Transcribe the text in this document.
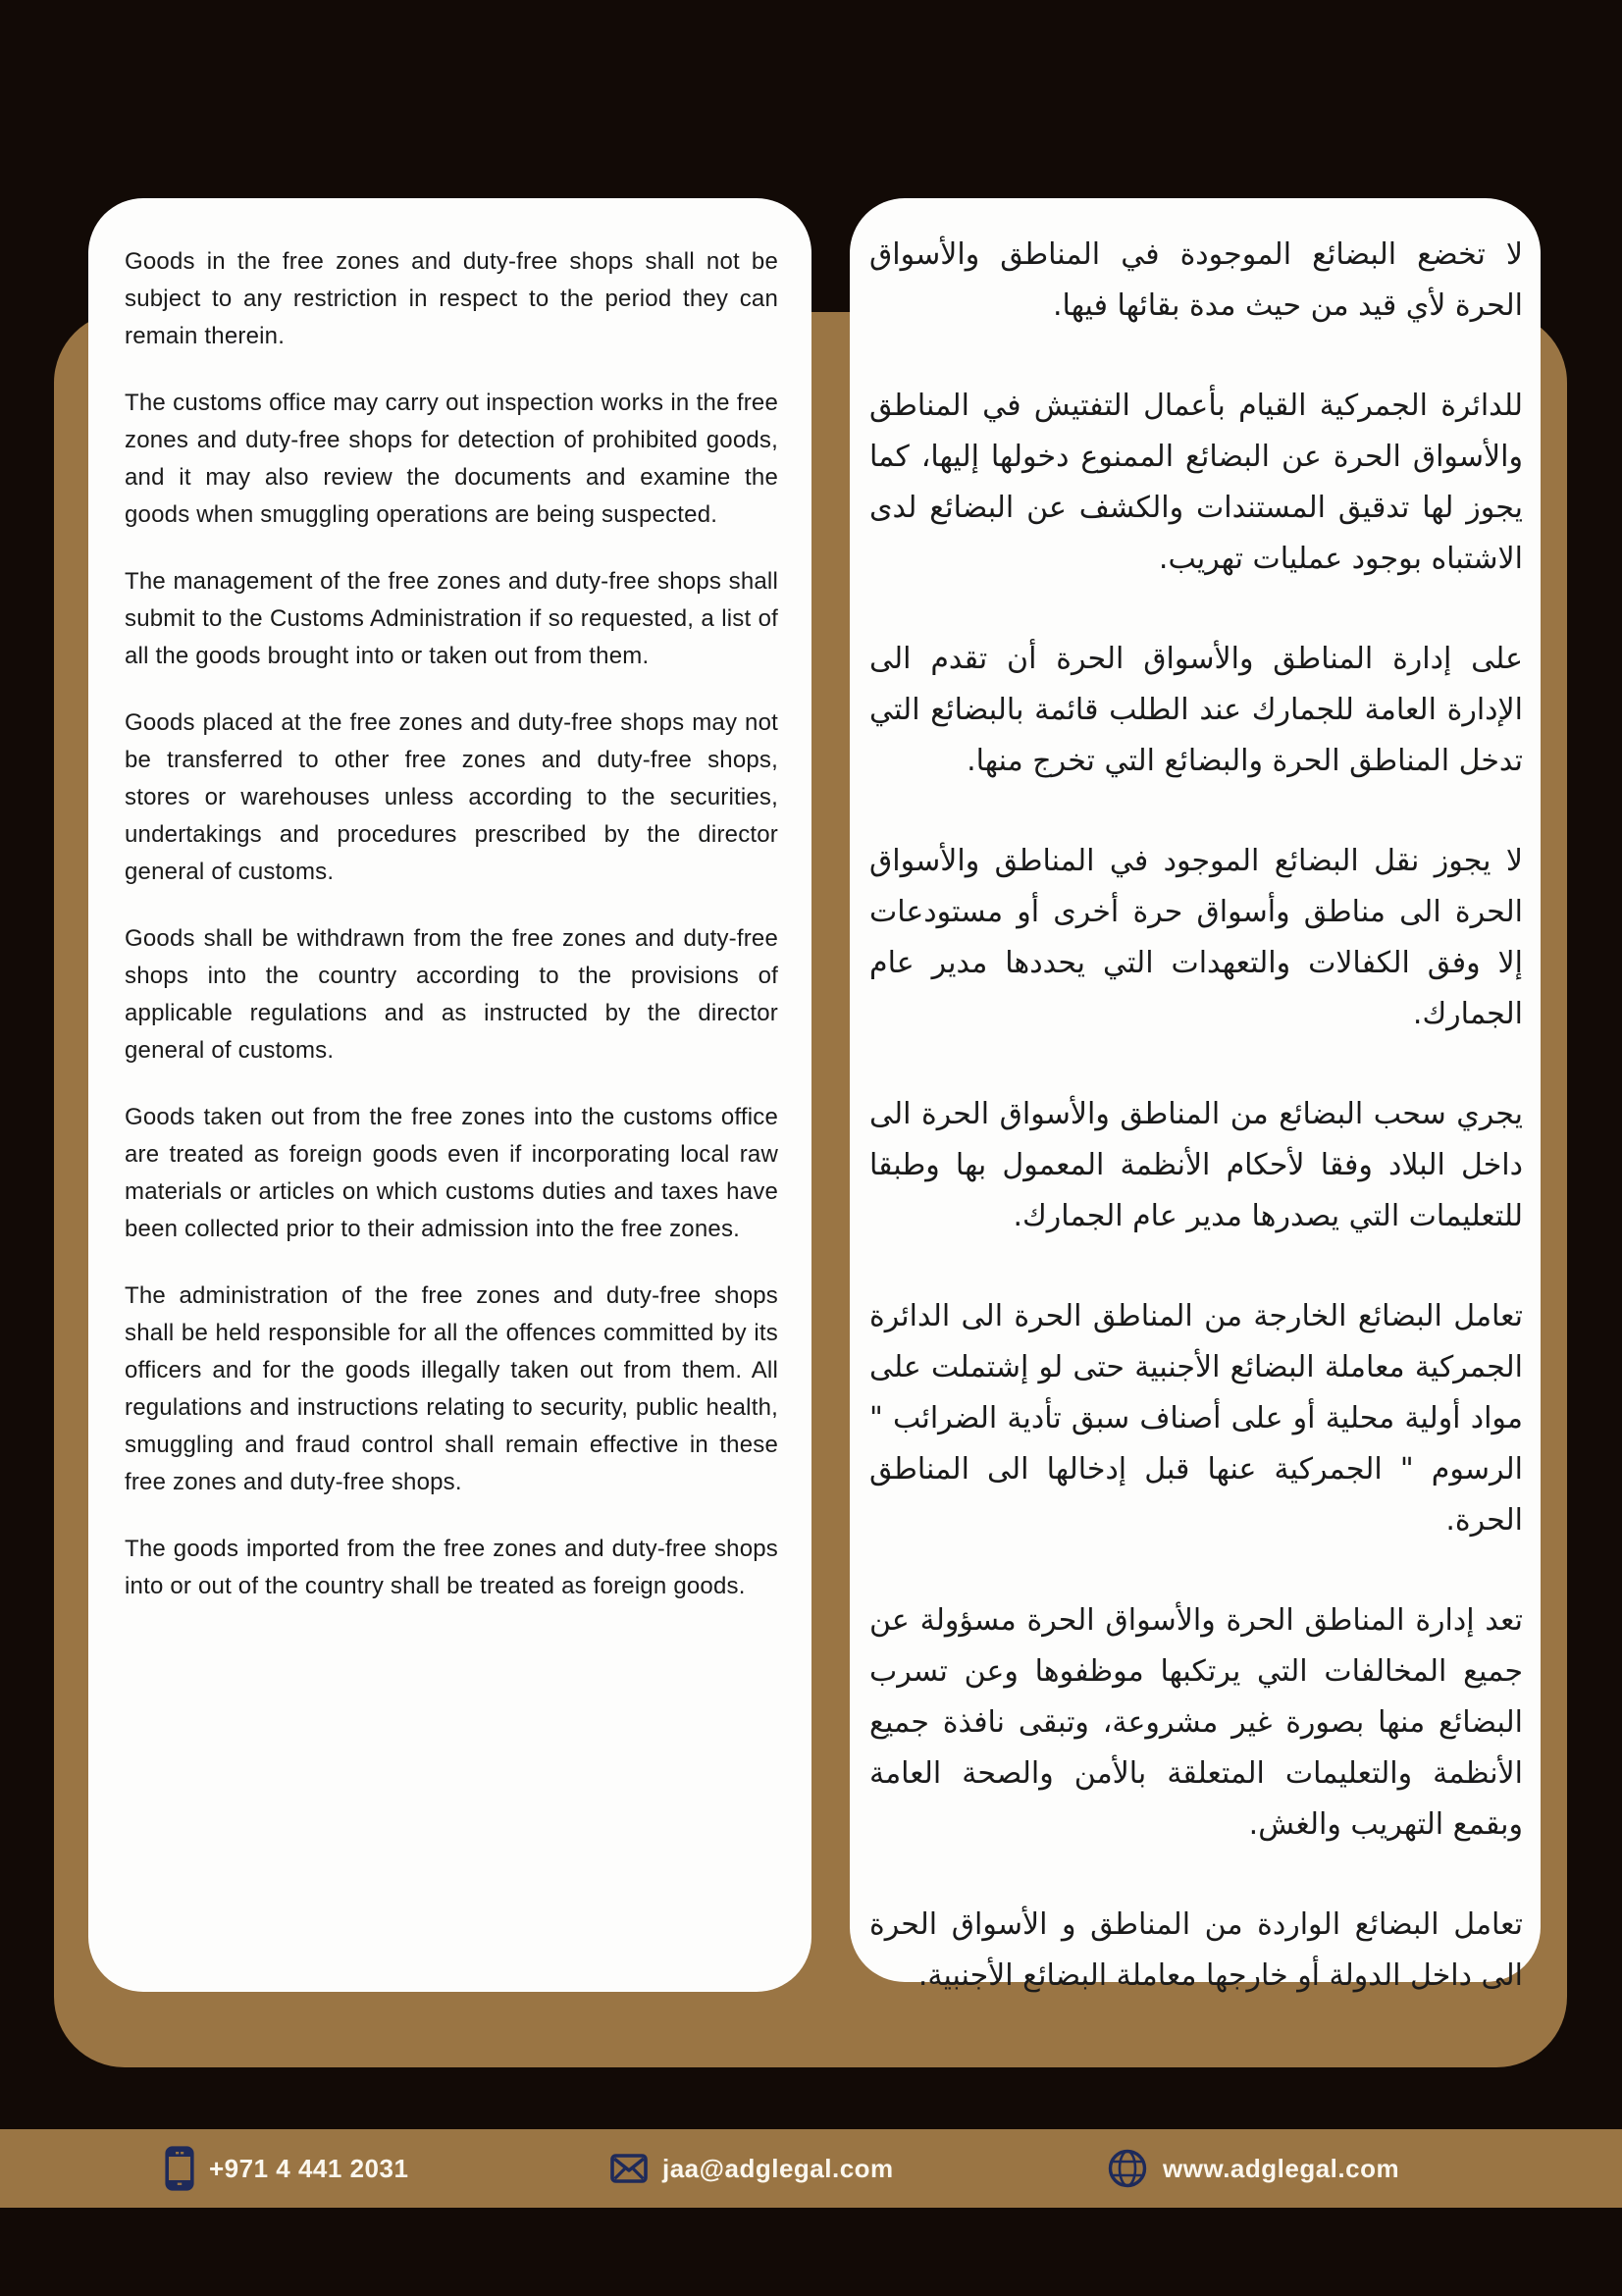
Goods in the free zones and duty-free shops shall not be subject to any restriction in respect to the period they can remain therein.

The customs office may carry out inspection works in the free zones and duty-free shops for detection of prohibited goods, and it may also review the documents and examine the goods when smuggling operations are being suspected.

The management of the free zones and duty-free shops shall submit to the Customs Administration if so requested, a list of all the goods brought into or taken out from them.

Goods placed at the free zones and duty-free shops may not be transferred to other free zones and duty-free shops, stores or warehouses unless according to the securities, undertakings and procedures prescribed by the director general of customs.

Goods shall be withdrawn from the free zones and duty-free shops into the country according to the provisions of applicable regulations and as instructed by the director general of customs.

Goods taken out from the free zones into the customs office are treated as foreign goods even if incorporating local raw materials or articles on which customs duties and taxes have been collected prior to their admission into the free zones.

The administration of the free zones and duty-free shops shall be held responsible for all the offences committed by its officers and for the goods illegally taken out from them. All regulations and instructions relating to security, public health, smuggling and fraud control shall remain effective in these free zones and duty-free shops.

The goods imported from the free zones and duty-free shops into or out of the country shall be treated as foreign goods.

لا تخضع البضائع الموجودة في المناطق والأسواق الحرة لأي قيد من حيث مدة بقائها فيها.

للدائرة الجمركية القيام بأعمال التفتيش في المناطق والأسواق الحرة عن البضائع الممنوع دخولها إليها، كما يجوز لها تدقيق المستندات والكشف عن البضائع لدى الاشتباه بوجود عمليات تهريب.

على إدارة المناطق والأسواق الحرة أن تقدم الى الإدارة العامة للجمارك عند الطلب قائمة بالبضائع التي تدخل المناطق الحرة والبضائع التي تخرج منها.

لا يجوز نقل البضائع الموجود في المناطق والأسواق الحرة الى مناطق وأسواق حرة أخرى أو مستودعات إلا وفق الكفالات والتعهدات التي يحددها مدير عام الجمارك.

يجري سحب البضائع من المناطق والأسواق الحرة الى داخل البلاد وفقا لأحكام الأنظمة المعمول بها وطبقا للتعليمات التي يصدرها مدير عام الجمارك.

تعامل البضائع الخارجة من المناطق الحرة الى الدائرة الجمركية معاملة البضائع الأجنبية حتى لو إشتملت على مواد أولية محلية أو على أصناف سبق تأدية الضرائب " الرسوم " الجمركية عنها قبل إدخالها الى المناطق الحرة.

تعد إدارة المناطق الحرة والأسواق الحرة مسؤولة عن جميع المخالفات التي يرتكبها موظفوها وعن تسرب البضائع منها بصورة غير مشروعة، وتبقى نافذة جميع الأنظمة والتعليمات المتعلقة بالأمن والصحة العامة وبقمع التهريب والغش.

تعامل البضائع الواردة من المناطق و الأسواق الحرة الى داخل الدولة أو خارجها معاملة البضائع الأجنبية.

+971 4 441 2031	jaa@adglegal.com	www.adglegal.com
